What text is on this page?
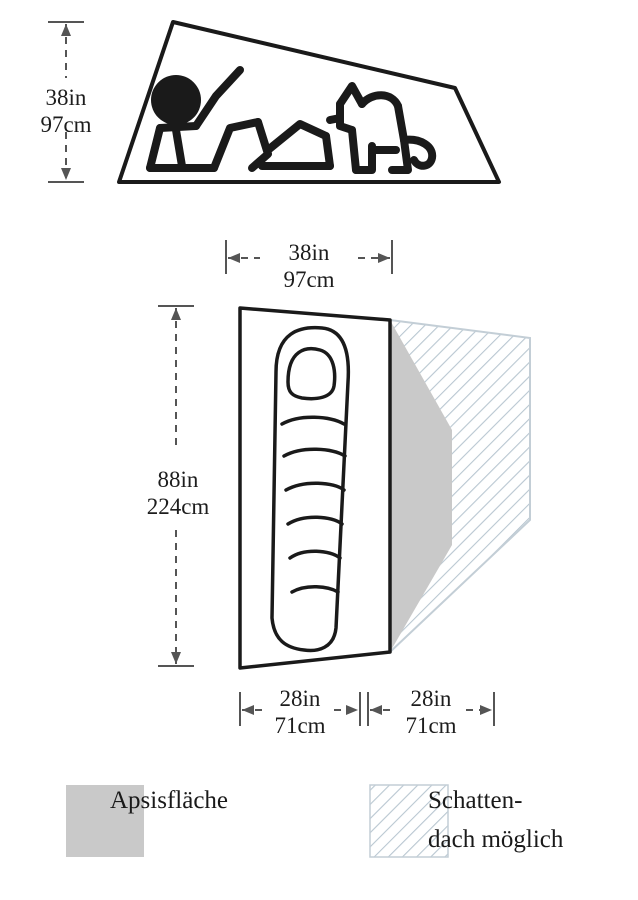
38in
97cm
38in
97cm
88in
224cm
28in
71cm
28in
71cm
Apsisfläche	Schatten-
dach möglich
